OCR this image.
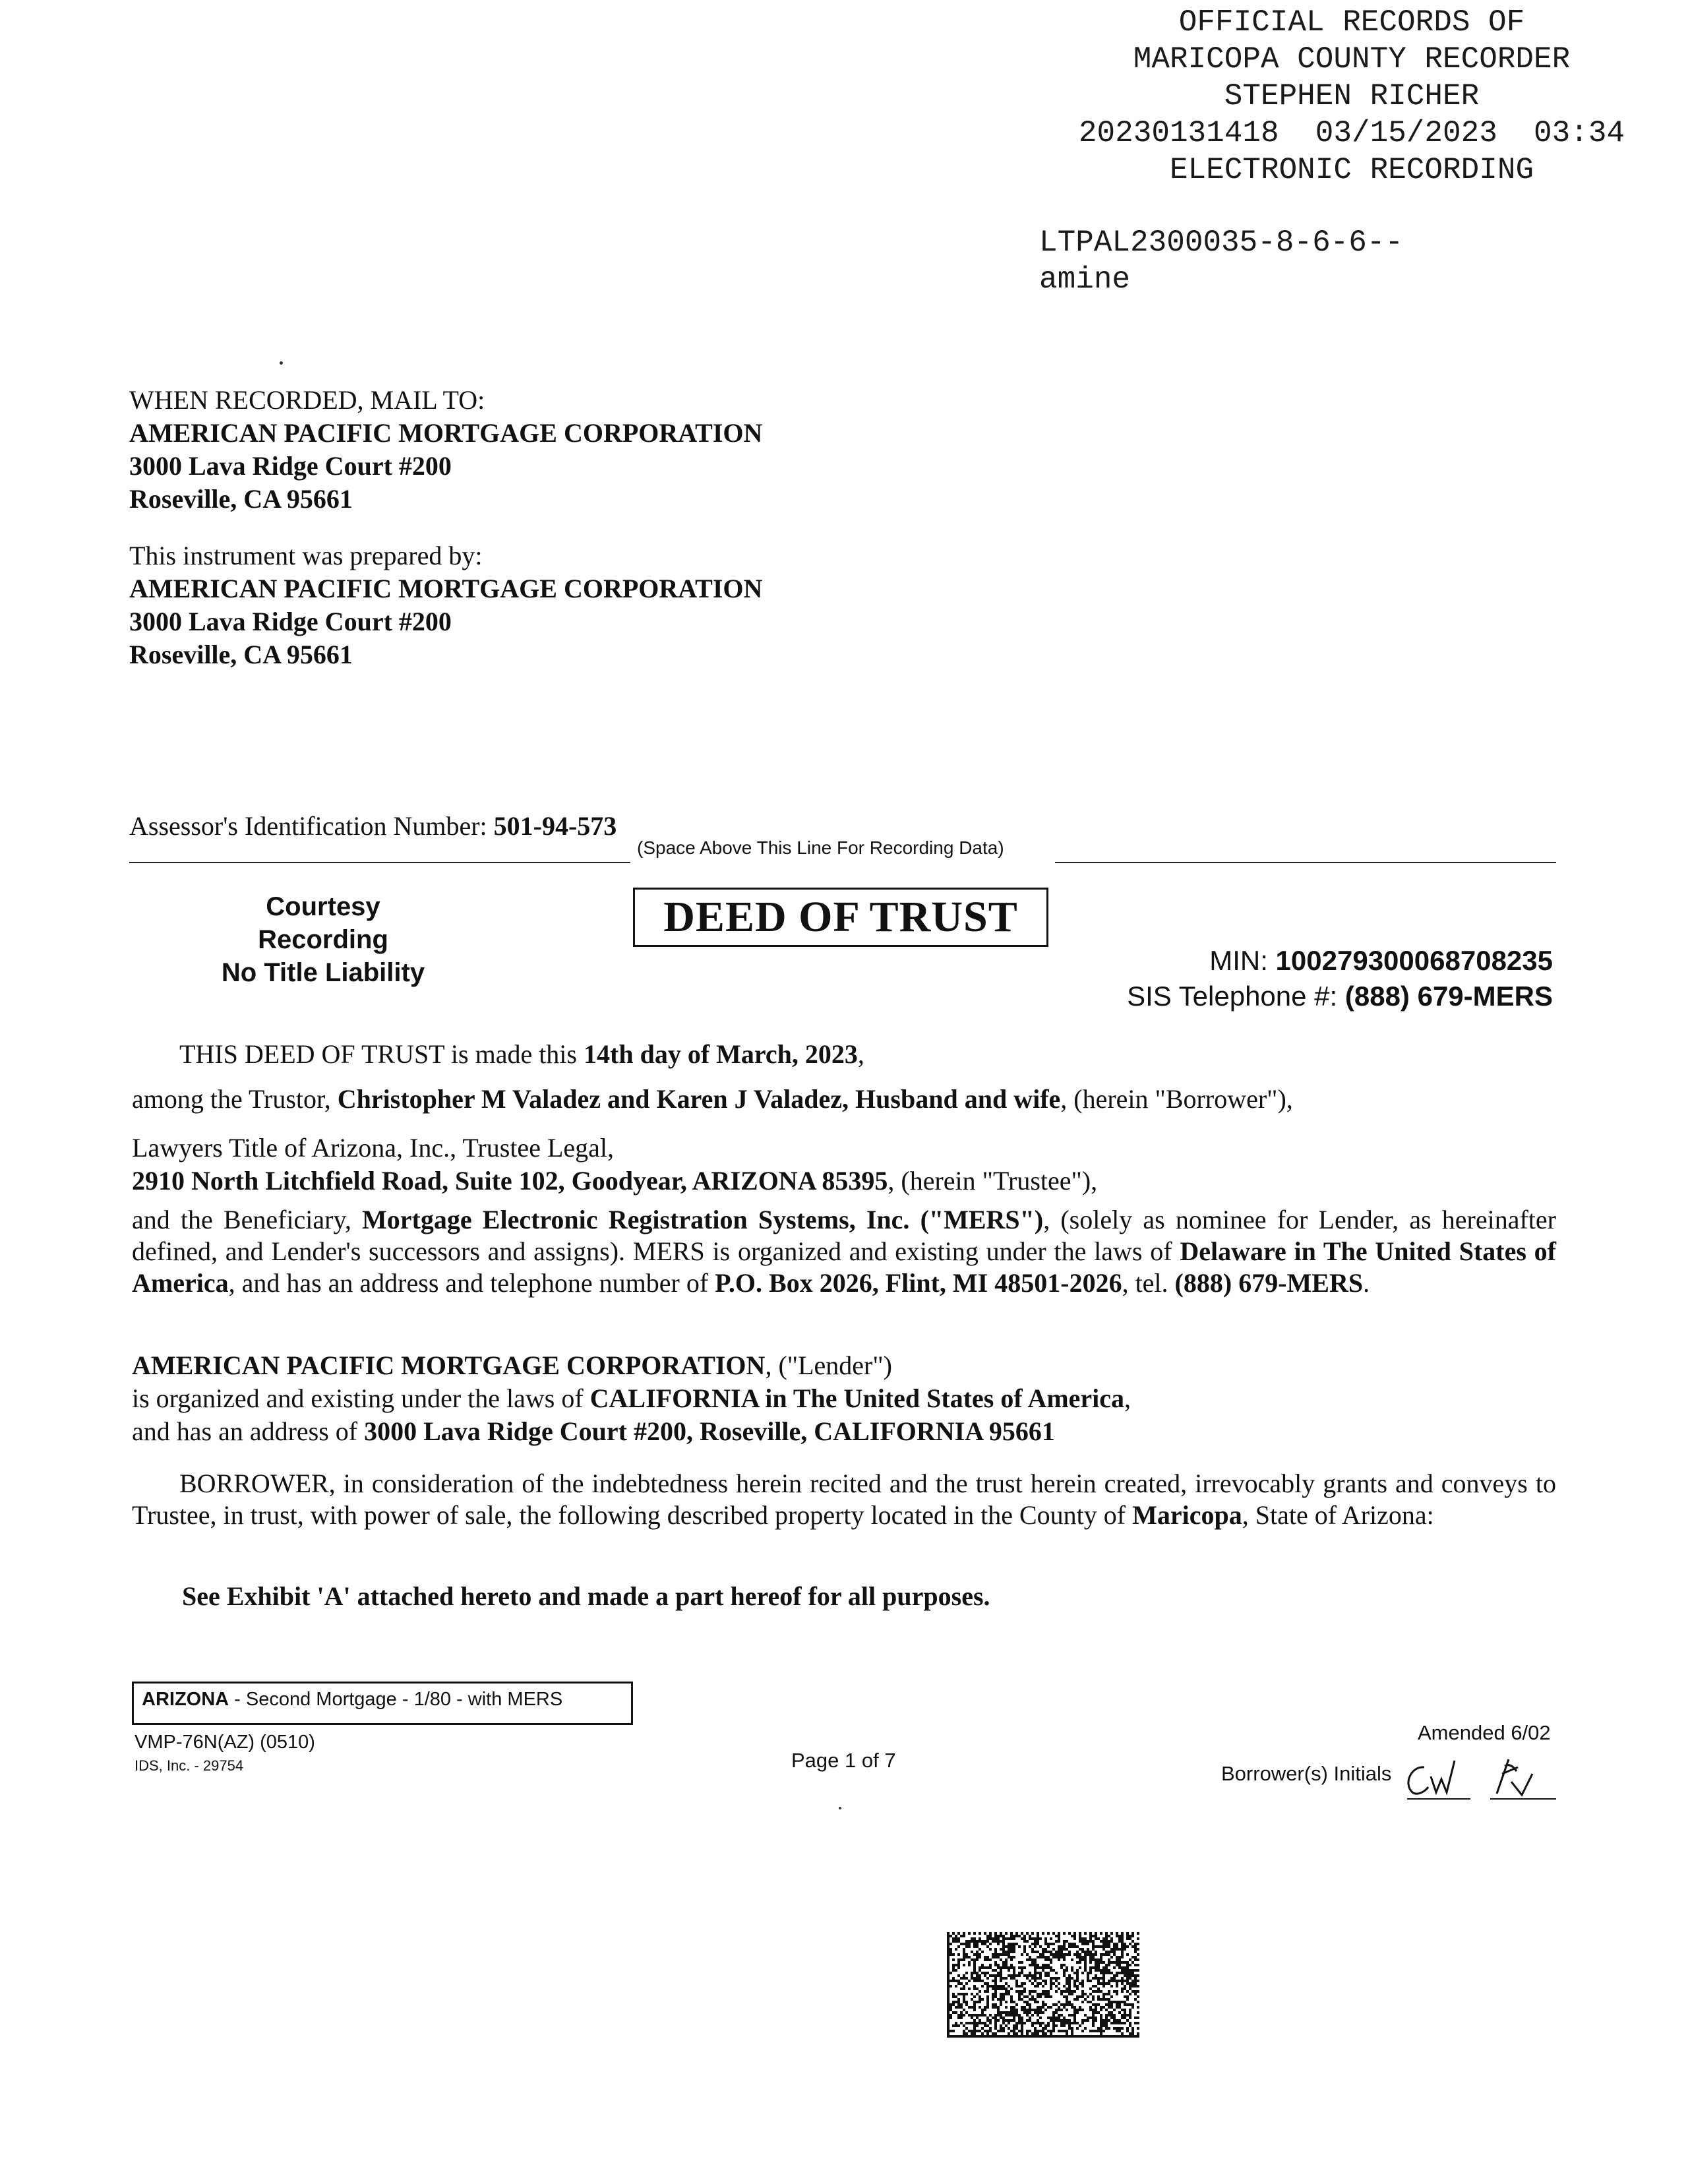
OFFICIAL RECORDS OF
MARICOPA COUNTY RECORDER
STEPHEN RICHER
20230131418  03/15/2023  03:34
ELECTRONIC RECORDING
LTPAL2300035-8-6-6--
amine
WHEN RECORDED, MAIL TO:
AMERICAN PACIFIC MORTGAGE CORPORATION
3000 Lava Ridge Court #200
Roseville, CA 95661
This instrument was prepared by:
AMERICAN PACIFIC MORTGAGE CORPORATION
3000 Lava Ridge Court #200
Roseville, CA 95661
Assessor's Identification Number: 501-94-573
(Space Above This Line For Recording Data)
Courtesy Recording
No Title Liability
DEED OF TRUST
MIN: 100279300068708235
SIS Telephone #: (888) 679-MERS
THIS DEED OF TRUST is made this 14th day of March, 2023,
among the Trustor, Christopher M Valadez and Karen J Valadez, Husband and wife, (herein "Borrower"),
Lawyers Title of Arizona, Inc., Trustee Legal,
2910 North Litchfield Road, Suite 102, Goodyear, ARIZONA 85395, (herein "Trustee"),
and the Beneficiary, Mortgage Electronic Registration Systems, Inc. ("MERS"), (solely as nominee for Lender, as hereinafter defined, and Lender's successors and assigns). MERS is organized and existing under the laws of Delaware in The United States of America, and has an address and telephone number of P.O. Box 2026, Flint, MI 48501-2026, tel. (888) 679-MERS.
AMERICAN PACIFIC MORTGAGE CORPORATION, ("Lender")
is organized and existing under the laws of CALIFORNIA in The United States of America,
and has an address of 3000 Lava Ridge Court #200, Roseville, CALIFORNIA 95661
BORROWER, in consideration of the indebtedness herein recited and the trust herein created, irrevocably grants and conveys to Trustee, in trust, with power of sale, the following described property located in the County of Maricopa, State of Arizona:
See Exhibit 'A' attached hereto and made a part hereof for all purposes.
ARIZONA - Second Mortgage - 1/80 - with MERS
VMP-76N(AZ) (0510)
IDS, Inc. - 29754	Page 1 of 7
Amended 6/02
Borrower(s) Initials
